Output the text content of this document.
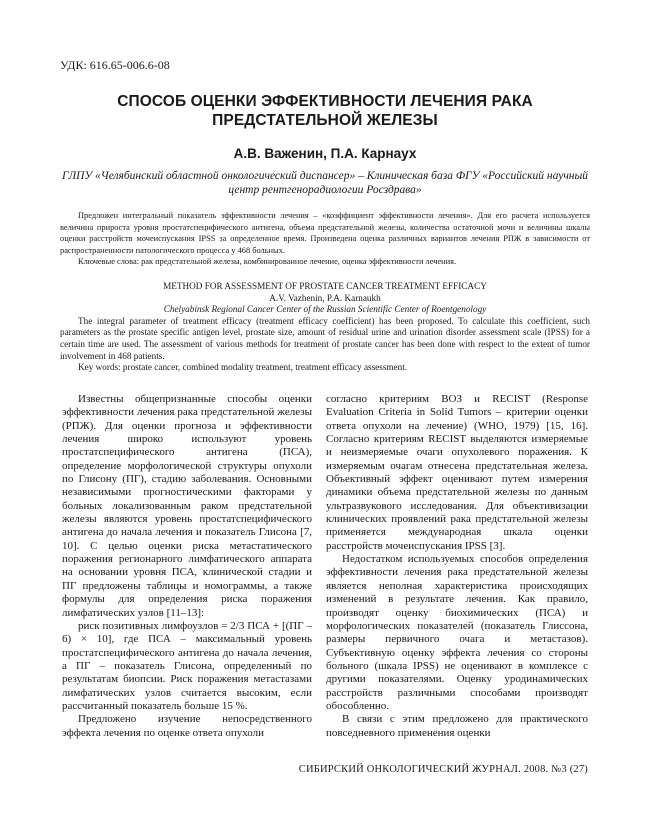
УДК: 616.65-006.6-08
СПОСОБ ОЦЕНКИ ЭФФЕКТИВНОСТИ ЛЕЧЕНИЯ РАКА ПРЕДСТАТЕЛЬНОЙ ЖЕЛЕЗЫ
А.В. Важенин, П.А. Карнаух
ГЛПУ «Челябинский областной онкологический диспансер» – Клиническая база ФГУ «Российский научный центр рентгенорадиологии Росздрава»

Предложен интегральный показатель эффективности лечения – «коэффициент эффективности лечения». Для его расчета используется величина прироста уровня простатспецифического антигена, объема предстательной железы, количества остаточной мочи и величины шкалы оценки расстройств мочеиспускания IPSS за определенное время. Произведена оценка различных вариантов лечения РПЖ в зависимости от распространенности патологического процесса у 468 больных.

Ключевые слова: рак предстательной железы, комбинированное лечение, оценка эффективности лечения.

METHOD FOR ASSESSMENT OF PROSTATE CANCER TREATMENT EFFICACY
A.V. Vazhenin, P.A. Karnaukh
Chelyabinsk Regional Cancer Center of the Russian Scientific Center of Roentgenology

The integral parameter of treatment efficacy (treatment efficacy coefficient) has been proposed. To calculate this coefficient, such parameters as the prostate specific antigen level, prostate size, amount of residual urine and urination disorder assessment scale (IPSS) for a certain time are used. The assessment of various methods for treatment of prostate cancer has been done with respect to the extent of tumor involvement in 468 patients.

Key words: prostate cancer, combined modality treatment, treatment efficacy assessment.

Известны общепризнанные способы оценки эффективности лечения рака предстательной железы (РПЖ). Для оценки прогноза и эффективности лечения широко используют уровень простатспецифического антигена (ПСА), определение морфологической структуры опухоли по Глисону (ПГ), стадию заболевания. Основными независимыми прогностическими факторами у больных локализованным раком предстательной железы являются уровень простатспецифического антигена до начала лечения и показатель Глисона [7, 10]. С целью оценки риска метастатического поражения регионарного лимфатического аппарата на основании уровня ПСА, клинической стадии и ПГ предложены таблицы и номограммы, а также формулы для определения риска поражения лимфатических узлов [11–13]:

риск позитивных лимфоузлов = 2/3 ПСА + [(ПГ – 6) × 10], где ПСА – максимальный уровень простатспецифического антигена до начала лечения, а ПГ – показатель Глисона, определенный по результатам биопсии. Риск поражения метастазами лимфатических узлов считается высоким, если рассчитанный показатель больше 15 %.

Предложено изучение непосредственного эффекта лечения по оценке ответа опухоли

согласно критериям ВОЗ и RECIST (Response Evaluation Criteria in Solid Tumors – критерии оценки ответа опухоли на лечение) (WHO, 1979) [15, 16]. Согласно критериям RECIST выделяются измеряемые и неизмеряемые очаги опухолевого поражения. К измеряемым очагам отнесена предстательная железа. Объективный эффект оценивают путем измерения динамики объема предстательной железы по данным ультразвукового исследования. Для объективизации клинических проявлений рака предстательной железы применяется международная шкала оценки расстройств мочеиспускания IPSS [3].

Недостатком используемых способов определения эффективности лечения рака предстательной железы является неполная характеристика происходящих изменений в результате лечения. Как правило, производят оценку биохимических (ПСА) и морфологических показателей (показатель Глиссона, размеры первичного очага и метастазов). Субъективную оценку эффекта лечения со стороны больного (шкала IPSS) не оценивают в комплексе с другими показателями. Оценку уродинамических расстройств различными способами производят обособленно.

В связи с этим предложено для практического повседневного применения оценки

СИБИРСКИЙ ОНКОЛОГИЧЕСКИЙ ЖУРНАЛ. 2008. №3 (27)
